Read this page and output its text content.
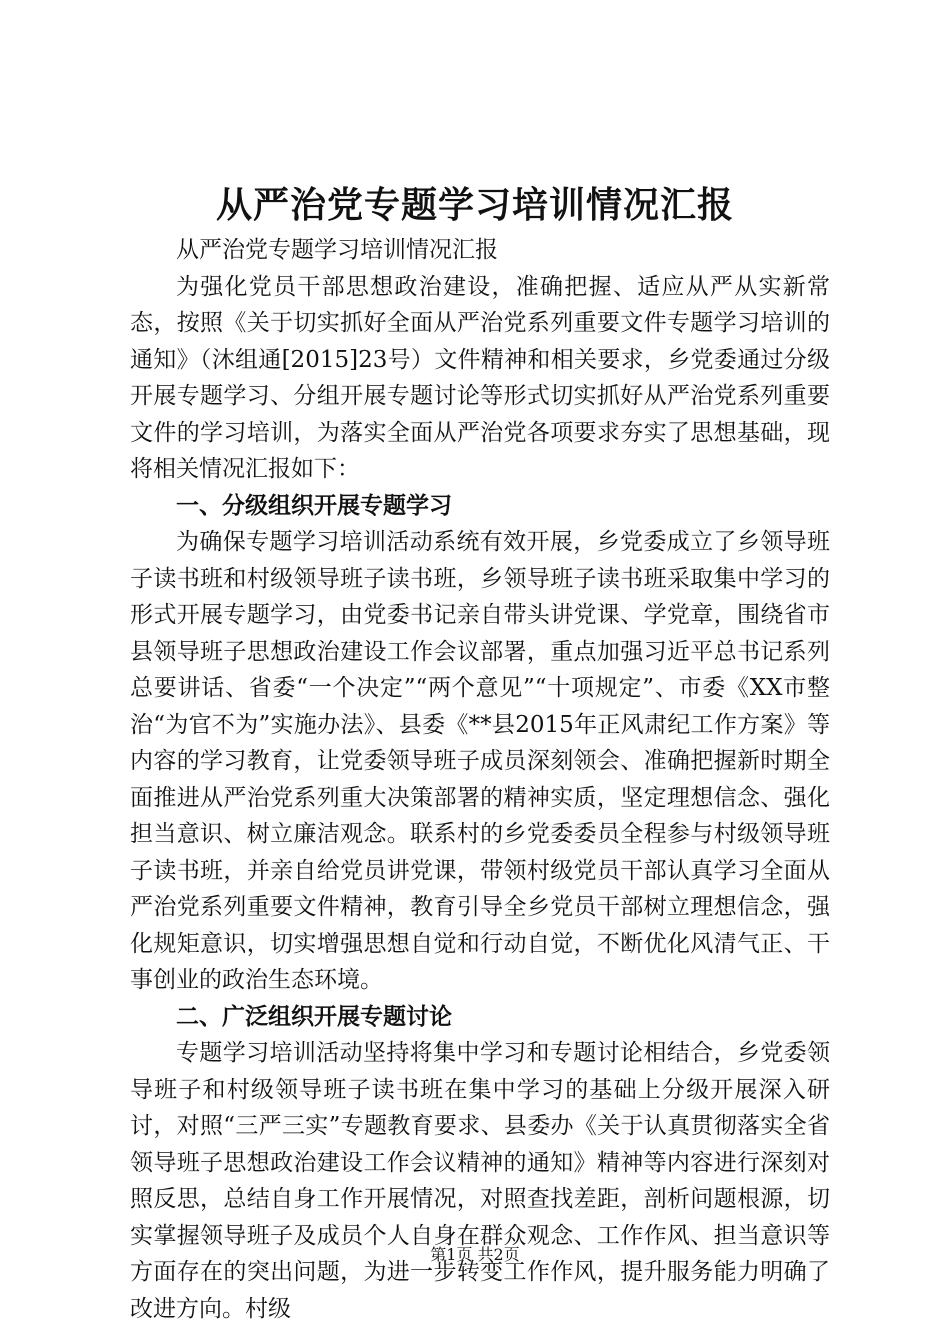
从严治党专题学习培训情况汇报

从严治党专题学习培训情况汇报

为强化党员干部思想政治建设，准确把握、适应从严从实新常态，按照《关于切实抓好全面从严治党系列重要文件专题学习培训的通知》（沐组通[2015]23号）文件精神和相关要求，乡党委通过分级开展专题学习、分组开展专题讨论等形式切实抓好从严治党系列重要文件的学习培训，为落实全面从严治党各项要求夯实了思想基础，现将相关情况汇报如下：

一、分级组织开展专题学习

为确保专题学习培训活动系统有效开展，乡党委成立了乡领导班子读书班和村级领导班子读书班，乡领导班子读书班采取集中学习的形式开展专题学习，由党委书记亲自带头讲党课、学党章，围绕省市县领导班子思想政治建设工作会议部署，重点加强习近平总书记系列总要讲话、省委“一个决定”“两个意见”“十项规定”、市委《XX市整治“为官不为”实施办法》、县委《**县2015年正风肃纪工作方案》等内容的学习教育，让党委领导班子成员深刻领会、准确把握新时期全面推进从严治党系列重大决策部署的精神实质，坚定理想信念、强化担当意识、树立廉洁观念。联系村的乡党委委员全程参与村级领导班子读书班，并亲自给党员讲党课，带领村级党员干部认真学习全面从严治党系列重要文件精神，教育引导全乡党员干部树立理想信念，强化规矩意识，切实增强思想自觉和行动自觉，不断优化风清气正、干事创业的政治生态环境。

二、广泛组织开展专题讨论

专题学习培训活动坚持将集中学习和专题讨论相结合，乡党委领导班子和村级领导班子读书班在集中学习的基础上分级开展深入研讨，对照“三严三实”专题教育要求、县委办《关于认真贯彻落实全省领导班子思想政治建设工作会议精神的通知》精神等内容进行深刻对照反思，总结自身工作开展情况，对照查找差距，剖析问题根源，切实掌握领导班子及成员个人自身在群众观念、工作作风、担当意识等方面存在的突出问题，为进一步转变工作作风，提升服务能力明确了改进方向。村级

第1页 共2页
